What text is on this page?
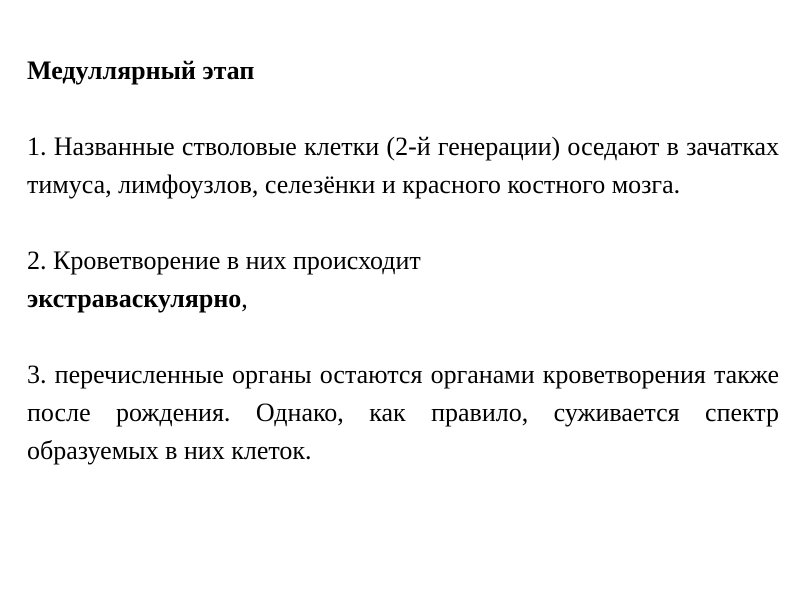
Медуллярный этап

1. Названные стволовые клетки (2-й генерации) оседают в зачатках тимуса, лимфоузлов, селезёнки и красного костного мозга.

2. Кроветворение в них происходит
экстраваскулярно,

3. перечисленные органы остаются органами кроветворения также после рождения. Однако, как правило, суживается спектр образуемых в них клеток.
